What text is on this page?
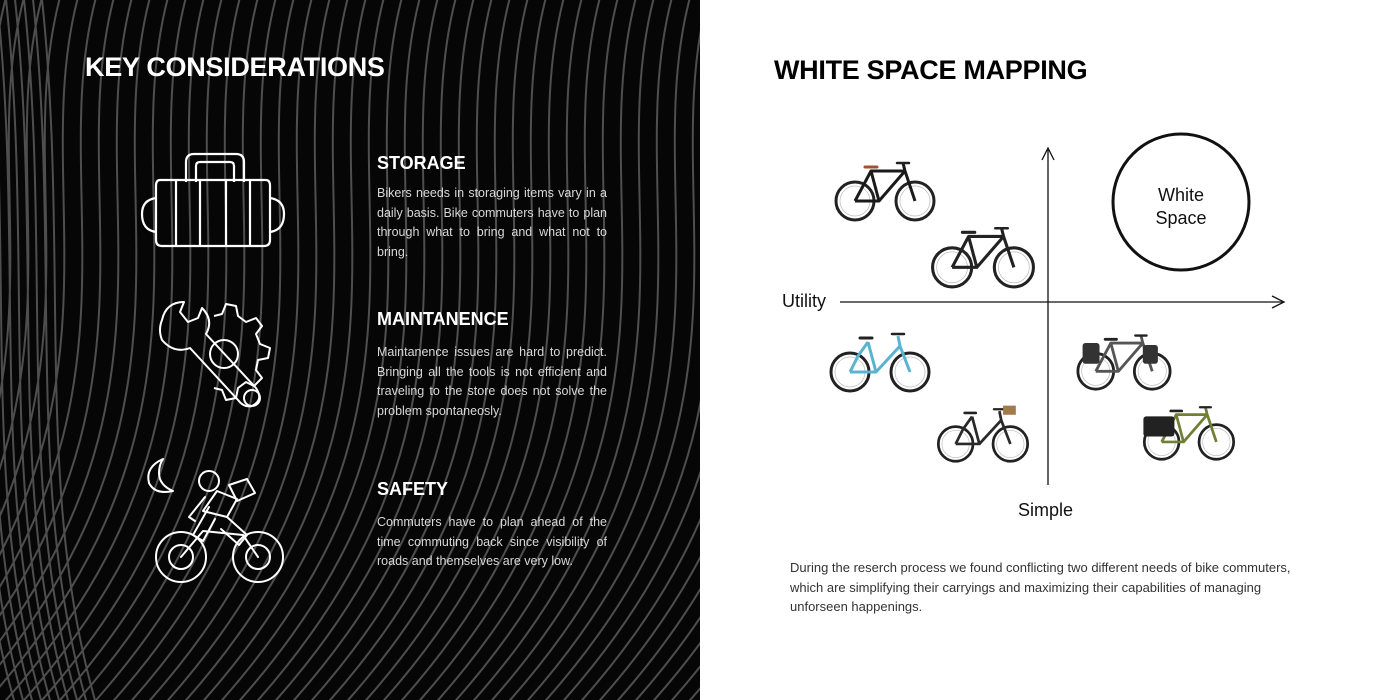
KEY CONSIDERATIONS
STORAGE
Bikers needs in storaging items vary in a daily basis. Bike commuters have to plan through what to bring and what not to bring.
MAINTANENCE
Maintanence issues are hard to predict. Bringing all the tools is not efficient and traveling to the store does not solve the problem spontaneosly.
SAFETY
Commuters have to plan ahead of the time commuting back since visibility of roads and themselves are very low.
WHITE SPACE MAPPING
Utility
Simple
White
Space
During the reserch process we found conflicting two different needs of bike commuters, which are simplifying their carryings and maximizing their capabilities of managing unforseen happenings.
